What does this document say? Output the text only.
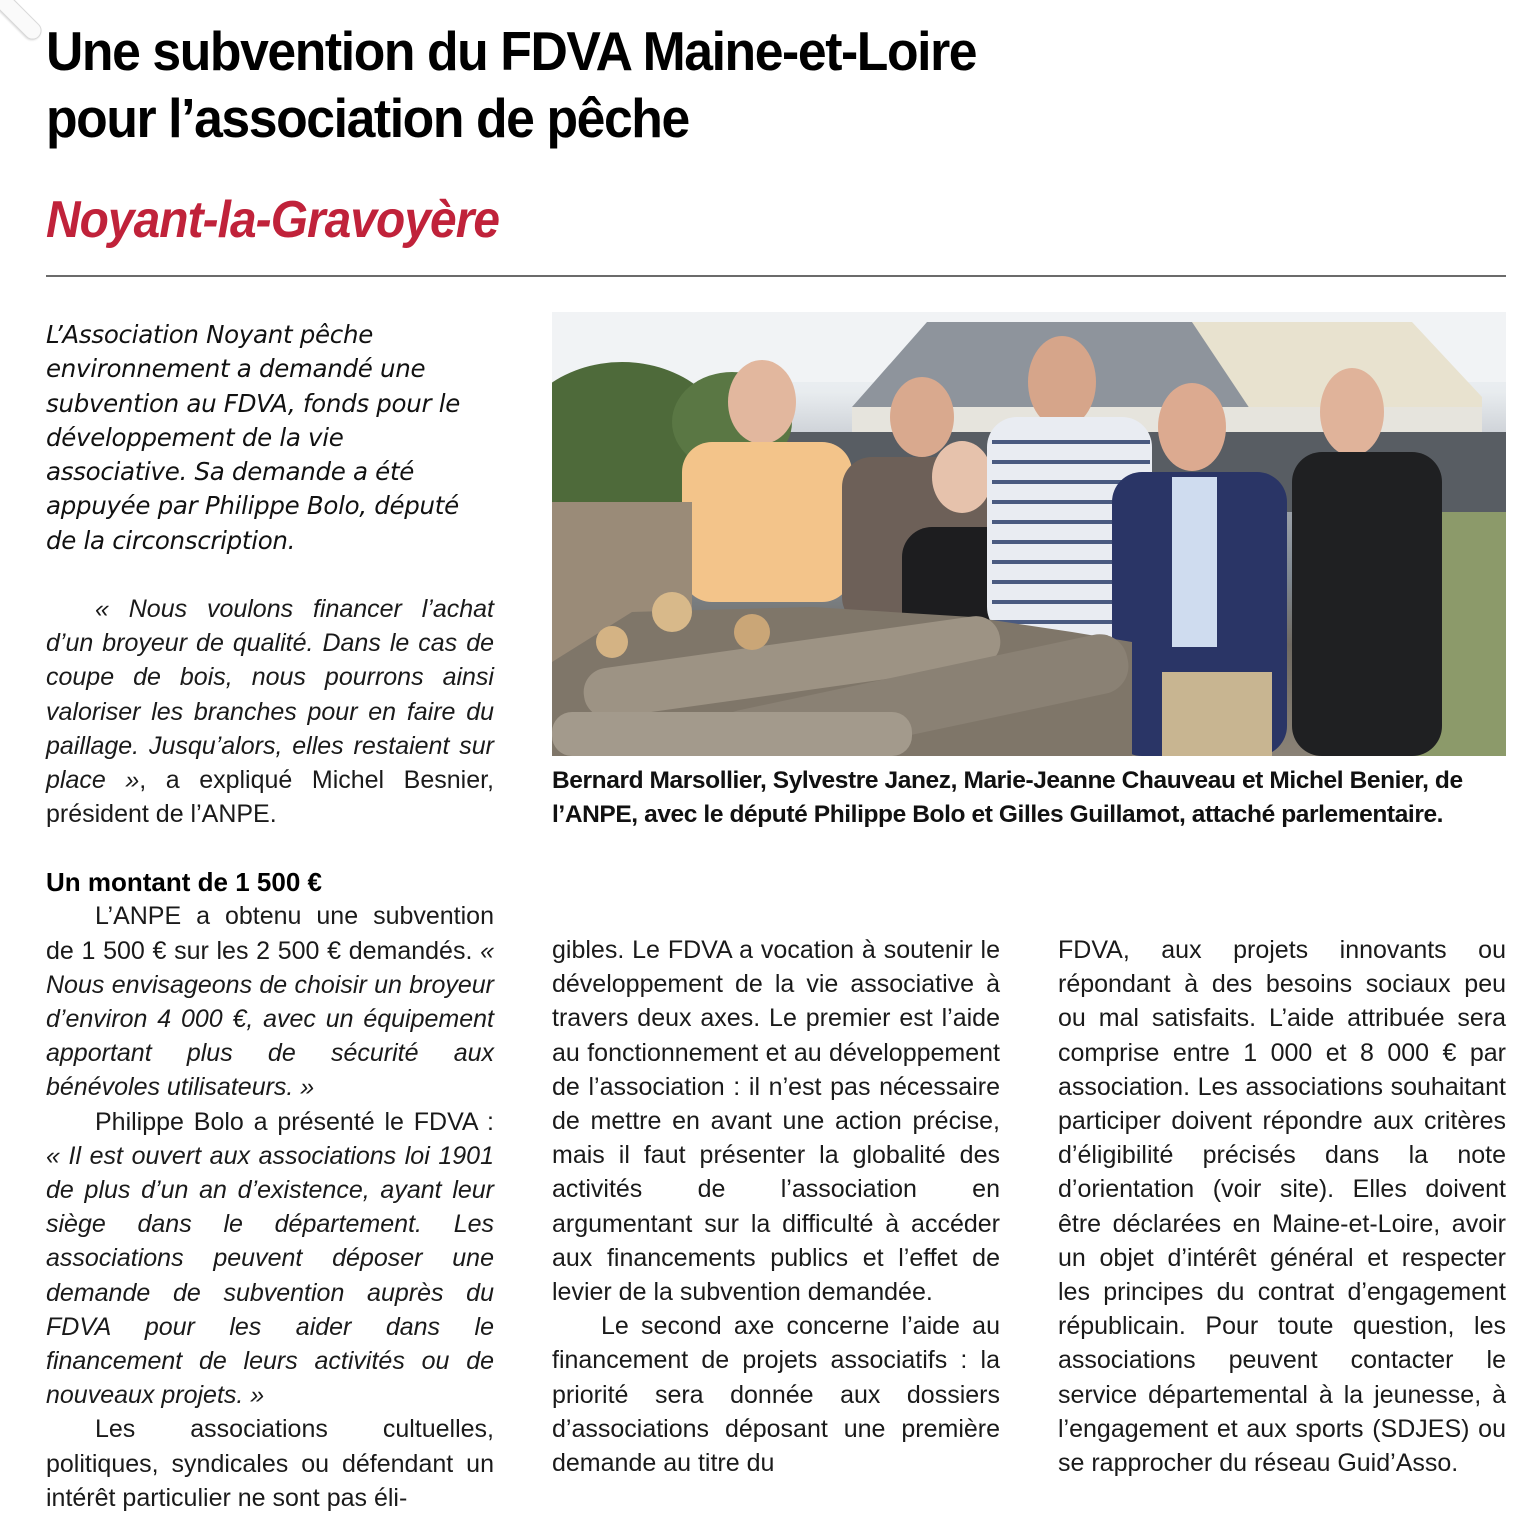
Une subvention du FDVA Maine-et-Loire
pour l’association de pêche
Noyant-la-Gravoyère

L’Association Noyant pêche environnement a demandé une subvention au FDVA, fonds pour le développement de la vie associative. Sa demande a été appuyée par Philippe Bolo, député de la circonscription.

Bernard Marsollier, Sylvestre Janez, Marie-Jeanne Chauveau et Michel Benier, de l’ANPE, avec le député Philippe Bolo et Gilles Guillamot, attaché parlementaire.

« Nous voulons financer l’achat d’un broyeur de qualité. Dans le cas de coupe de bois, nous pourrons ainsi valoriser les branches pour en faire du paillage. Jusqu’alors, elles restaient sur place », a expliqué Michel Besnier, président de l’ANPE.

Un montant de 1 500 €

L’ANPE a obtenu une subvention de 1 500 € sur les 2 500 € demandés. « Nous envisageons de choisir un broyeur d’environ 4 000 €, avec un équipement apportant plus de sécurité aux bénévoles utilisateurs. »

Philippe Bolo a présenté le FDVA : « Il est ouvert aux associations loi 1901 de plus d’un an d’existence, ayant leur siège dans le département. Les associations peuvent déposer une demande de subvention auprès du FDVA pour les aider dans le financement de leurs activités ou de nouveaux projets. »

Les associations cultuelles, politiques, syndicales ou défendant un intérêt particulier ne sont pas éli-

gibles. Le FDVA a vocation à soutenir le développement de la vie associative à travers deux axes. Le premier est l’aide au fonctionnement et au développement de l’association : il n’est pas nécessaire de mettre en avant une action précise, mais il faut présenter la globalité des activités de l’association en argumentant sur la difficulté à accéder aux financements publics et l’effet de levier de la subvention demandée.

Le second axe concerne l’aide au financement de projets associatifs : la priorité sera donnée aux dossiers d’associations déposant une première demande au titre du

FDVA, aux projets innovants ou répondant à des besoins sociaux peu ou mal satisfaits. L’aide attribuée sera comprise entre 1 000 et 8 000 € par association. Les associations souhaitant participer doivent répondre aux critères d’éligibilité précisés dans la note d’orientation (voir site). Elles doivent être déclarées en Maine-et-Loire, avoir un objet d’intérêt général et respecter les principes du contrat d’engagement républicain. Pour toute question, les associations peuvent contacter le service départemental à la jeunesse, à l’engagement et aux sports (SDJES) ou se rapprocher du réseau Guid’Asso.
